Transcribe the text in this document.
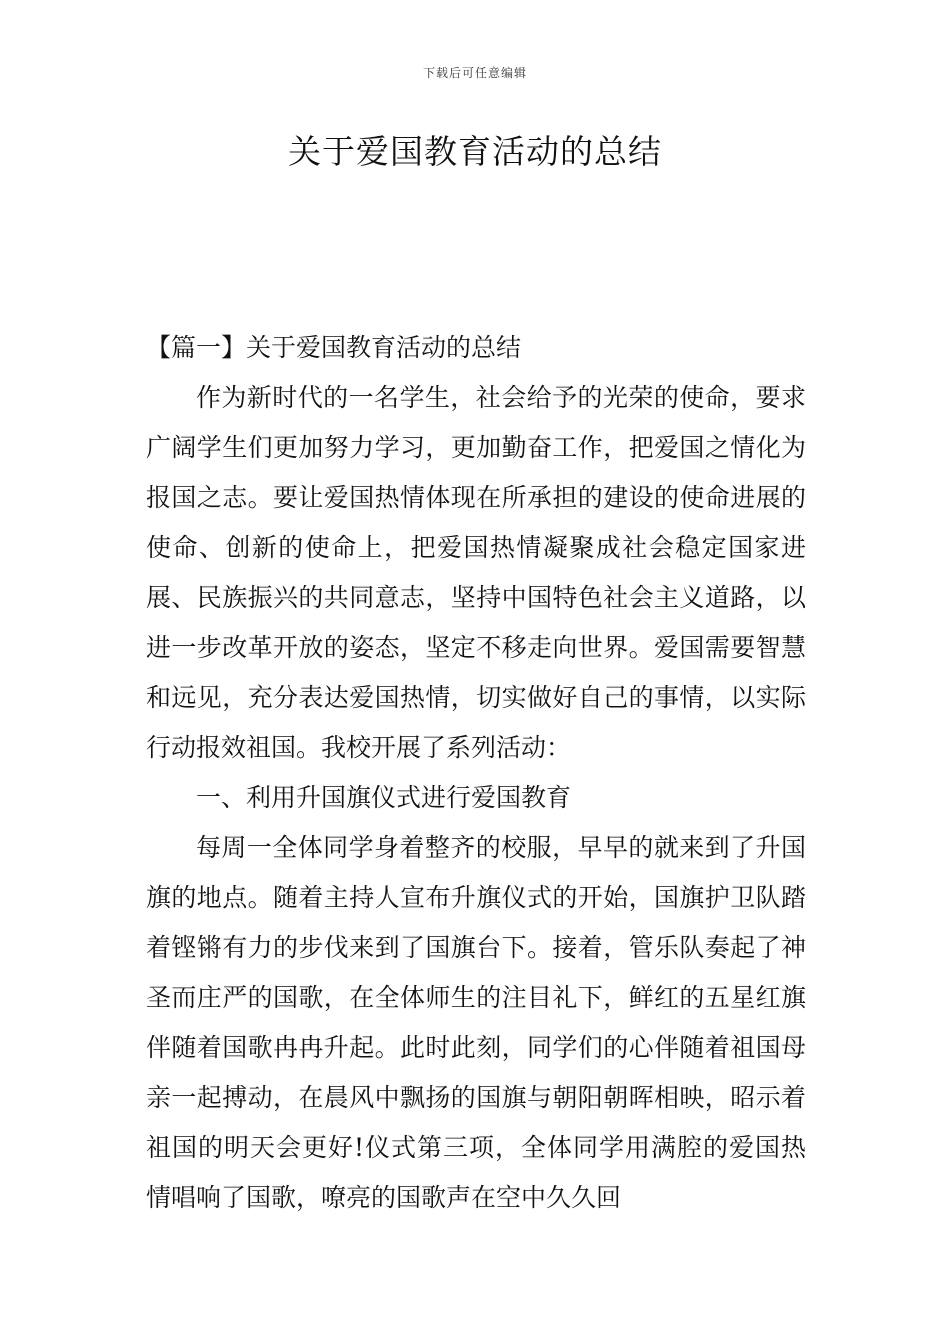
下载后可任意编辑
关于爱国教育活动的总结

【篇一】关于爱国教育活动的总结

作为新时代的一名学生，社会给予的光荣的使命，要求广阔学生们更加努力学习，更加勤奋工作，把爱国之情化为报国之志。要让爱国热情体现在所承担的建设的使命进展的使命、创新的使命上，把爱国热情凝聚成社会稳定国家进展、民族振兴的共同意志，坚持中国特色社会主义道路，以进一步改革开放的姿态，坚定不移走向世界。爱国需要智慧和远见，充分表达爱国热情，切实做好自己的事情，以实际行动报效祖国。我校开展了系列活动：

一、利用升国旗仪式进行爱国教育

每周一全体同学身着整齐的校服，早早的就来到了升国旗的地点。随着主持人宣布升旗仪式的开始，国旗护卫队踏着铿锵有力的步伐来到了国旗台下。接着，管乐队奏起了神圣而庄严的国歌，在全体师生的注目礼下，鲜红的五星红旗伴随着国歌冉冉升起。此时此刻，同学们的心伴随着祖国母亲一起搏动，在晨风中飘扬的国旗与朝阳朝晖相映，昭示着祖国的明天会更好!仪式第三项，全体同学用满腔的爱国热情唱响了国歌，嘹亮的国歌声在空中久久回
